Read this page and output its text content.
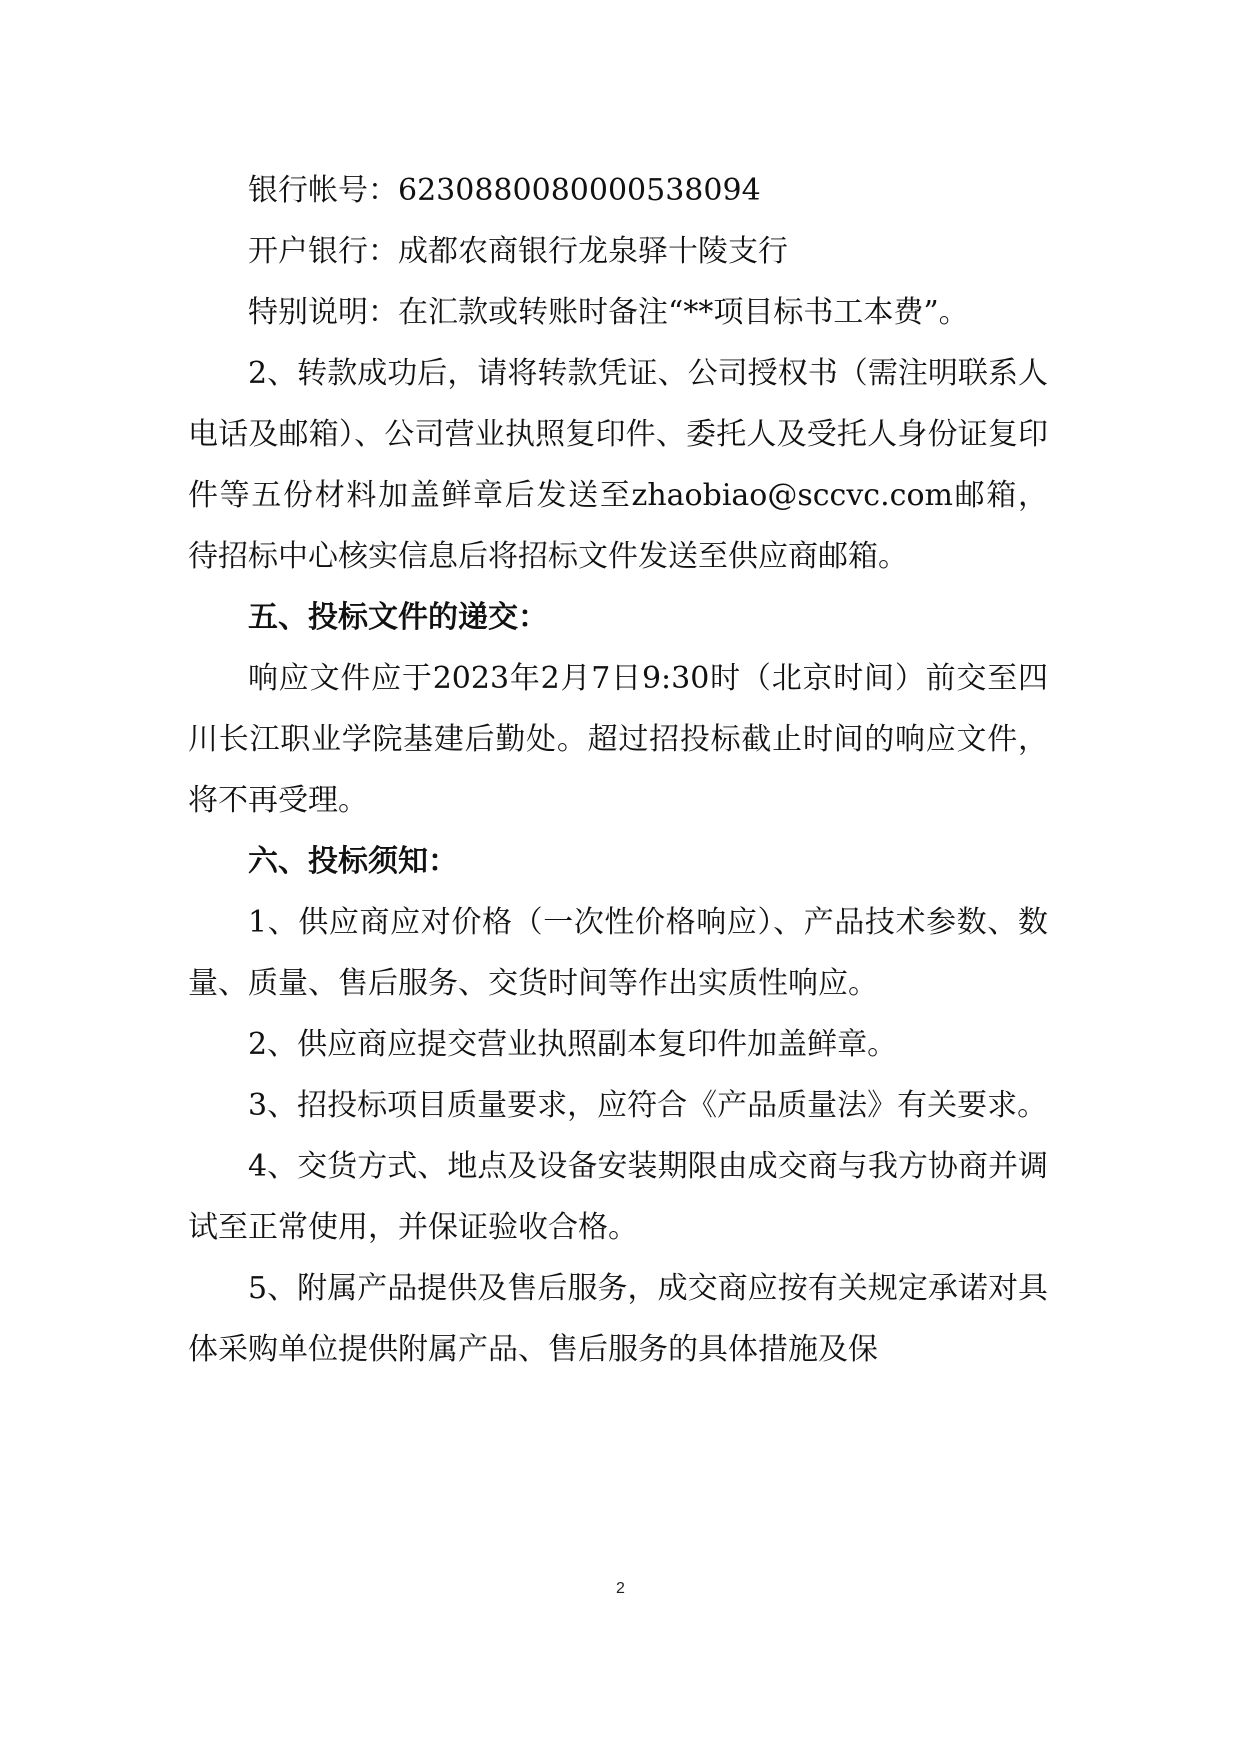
银行帐号：6230880080000538094

开户银行：成都农商银行龙泉驿十陵支行

特别说明：在汇款或转账时备注“**项目标书工本费”。

2、转款成功后，请将转款凭证、公司授权书（需注明联系人电话及邮箱）、公司营业执照复印件、委托人及受托人身份证复印件等五份材料加盖鲜章后发送至zhaobiao@sccvc.com邮箱，待招标中心核实信息后将招标文件发送至供应商邮箱。

五、投标文件的递交：

响应文件应于2023年2月7日9:30时（北京时间）前交至四川长江职业学院基建后勤处。超过招投标截止时间的响应文件，将不再受理。

六、投标须知：

1、供应商应对价格（一次性价格响应）、产品技术参数、数量、质量、售后服务、交货时间等作出实质性响应。

2、供应商应提交营业执照副本复印件加盖鲜章。

3、招投标项目质量要求，应符合《产品质量法》有关要求。

4、交货方式、地点及设备安装期限由成交商与我方协商并调试至正常使用，并保证验收合格。

5、附属产品提供及售后服务，成交商应按有关规定承诺对具体采购单位提供附属产品、售后服务的具体措施及保

2
